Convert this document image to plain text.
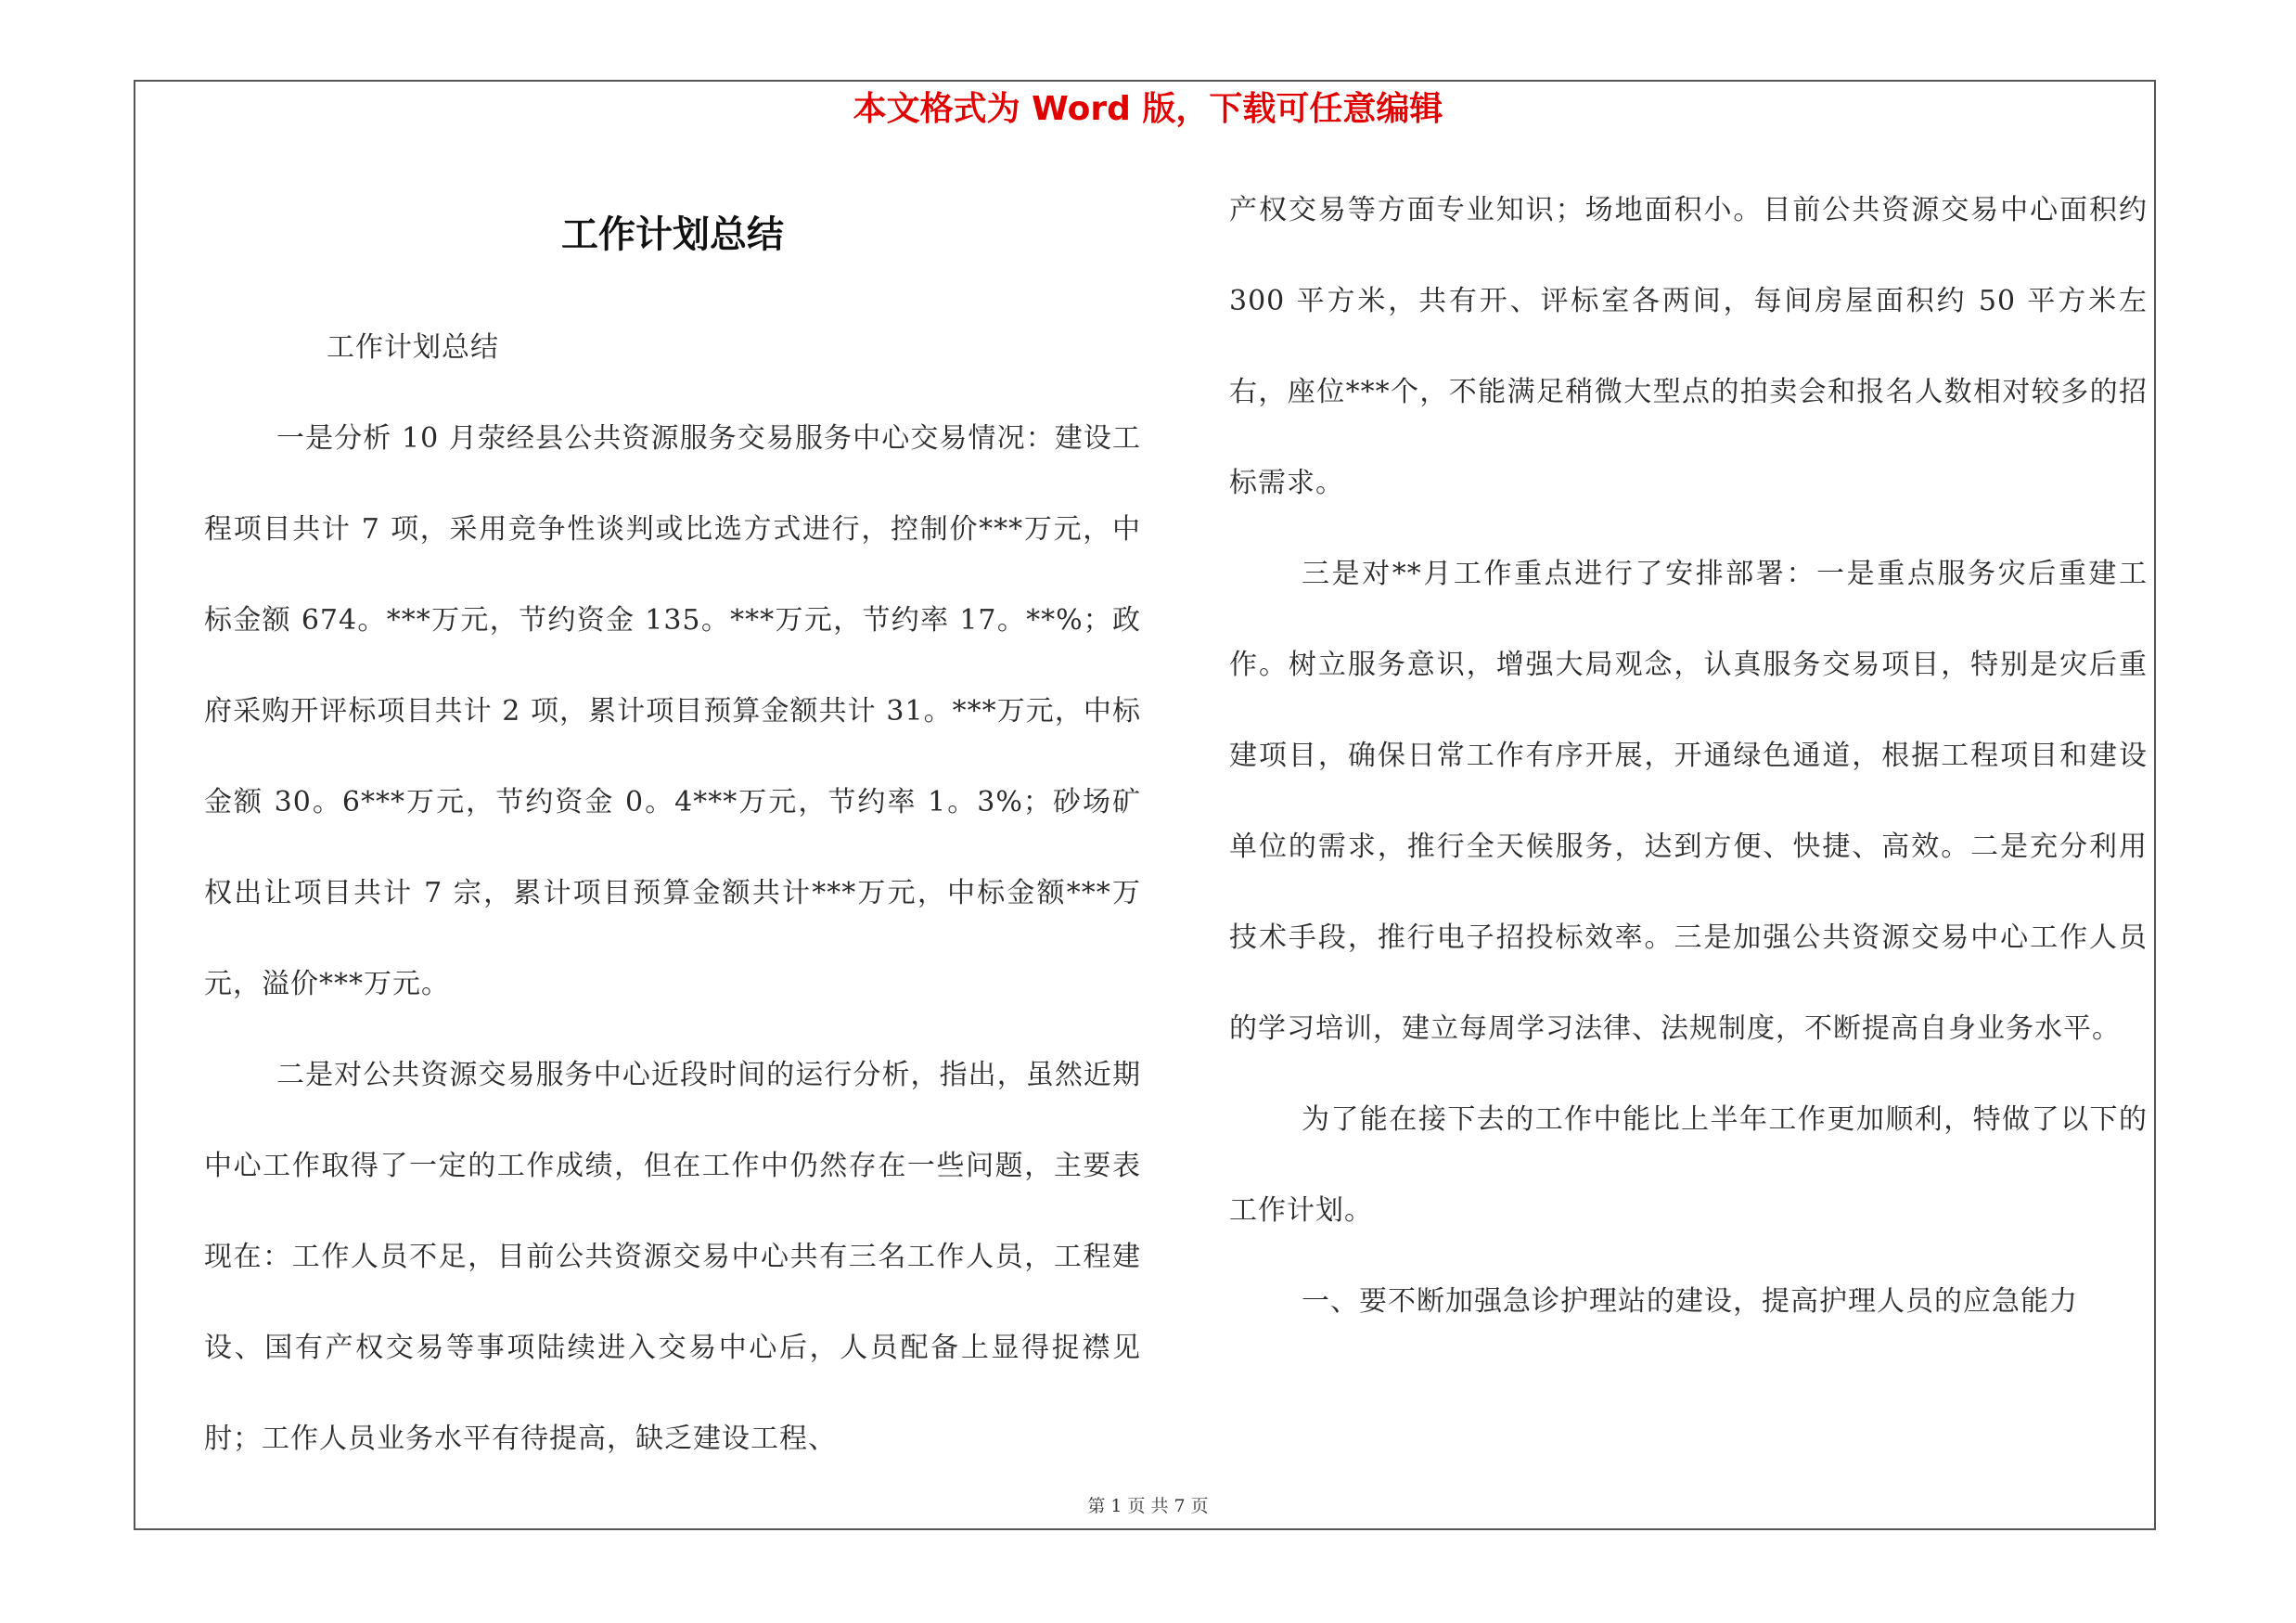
本文格式为 Word 版，下载可任意编辑
工作计划总结

工作计划总结

一是分析 10 月荥经县公共资源服务交易服务中心交易情况：建设工程项目共计 7 项，采用竞争性谈判或比选方式进行，控制价***万元，中标金额 674。***万元，节约资金 135。***万元，节约率 17。**%；政府采购开评标项目共计 2 项，累计项目预算金额共计 31。***万元，中标金额 30。6***万元，节约资金 0。4***万元，节约率 1。3%；砂场矿权出让项目共计 7 宗，累计项目预算金额共计***万元，中标金额***万元，溢价***万元。

二是对公共资源交易服务中心近段时间的运行分析，指出，虽然近期中心工作取得了一定的工作成绩，但在工作中仍然存在一些问题，主要表现在：工作人员不足，目前公共资源交易中心共有三名工作人员，工程建设、国有产权交易等事项陆续进入交易中心后，人员配备上显得捉襟见肘；工作人员业务水平有待提高，缺乏建设工程、

产权交易等方面专业知识；场地面积小。目前公共资源交易中心面积约 300 平方米，共有开、评标室各两间，每间房屋面积约 50 平方米左右，座位***个，不能满足稍微大型点的拍卖会和报名人数相对较多的招标需求。

三是对**月工作重点进行了安排部署：一是重点服务灾后重建工作。树立服务意识，增强大局观念，认真服务交易项目，特别是灾后重建项目，确保日常工作有序开展，开通绿色通道，根据工程项目和建设单位的需求，推行全天候服务，达到方便、快捷、高效。二是充分利用技术手段，推行电子招投标效率。三是加强公共资源交易中心工作人员的学习培训，建立每周学习法律、法规制度，不断提高自身业务水平。

为了能在接下去的工作中能比上半年工作更加顺利，特做了以下的工作计划。

一、要不断加强急诊护理站的建设，提高护理人员的应急能力

第 1 页 共 7 页
